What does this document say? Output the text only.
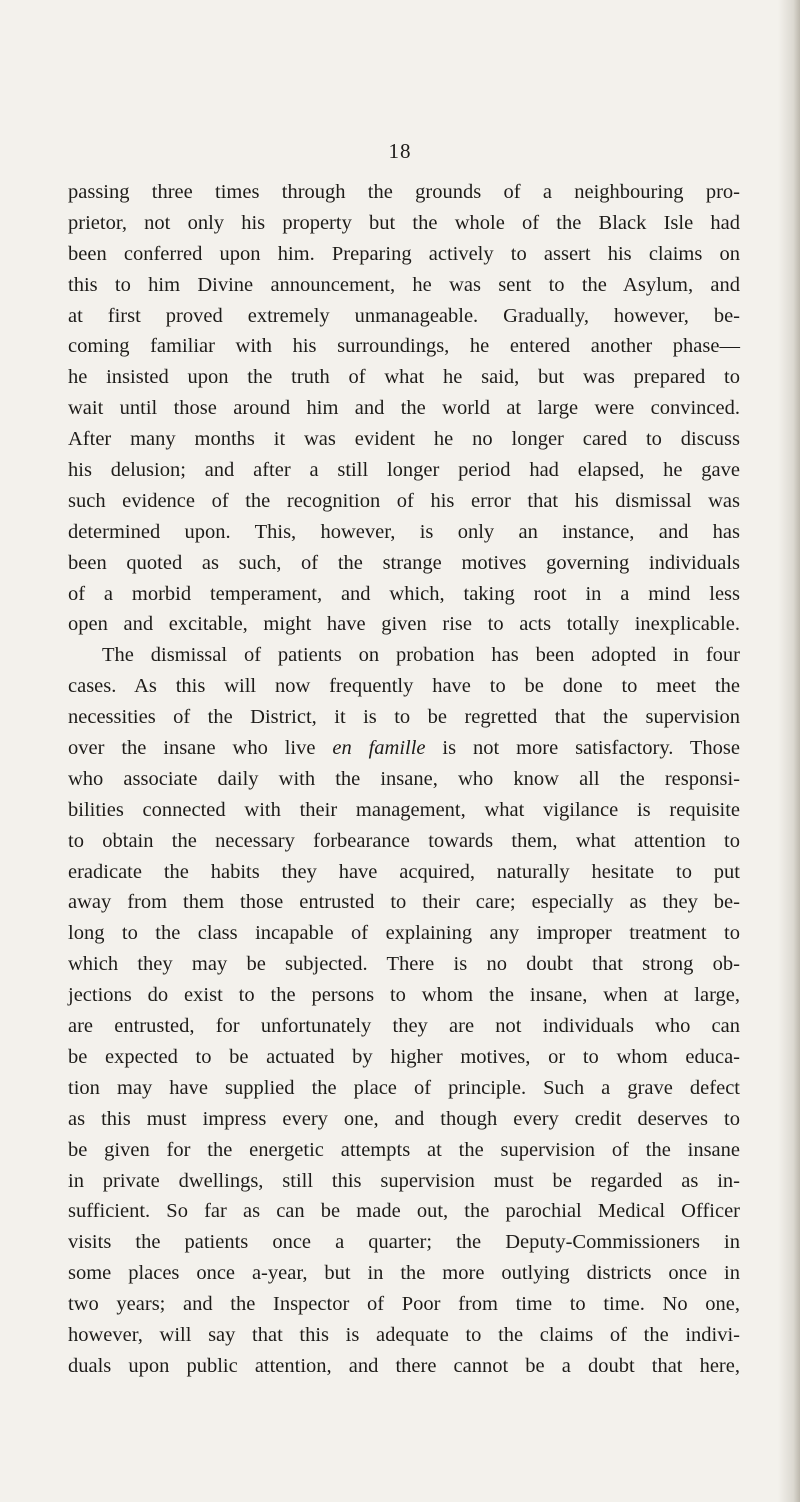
18
passing three times through the grounds of a neighbouring pro-
prietor, not only his property but the whole of the Black Isle had
been conferred upon him. Preparing actively to assert his claims on
this to him Divine announcement, he was sent to the Asylum, and
at first proved extremely unmanageable. Gradually, however, be-
coming familiar with his surroundings, he entered another phase—
he insisted upon the truth of what he said, but was prepared to
wait until those around him and the world at large were convinced.
After many months it was evident he no longer cared to discuss
his delusion; and after a still longer period had elapsed, he gave
such evidence of the recognition of his error that his dismissal was
determined upon. This, however, is only an instance, and has
been quoted as such, of the strange motives governing individuals
of a morbid temperament, and which, taking root in a mind less
open and excitable, might have given rise to acts totally inexplicable.
The dismissal of patients on probation has been adopted in four
cases. As this will now frequently have to be done to meet the
necessities of the District, it is to be regretted that the supervision
over the insane who live en famille is not more satisfactory. Those
who associate daily with the insane, who know all the responsi-
bilities connected with their management, what vigilance is requisite
to obtain the necessary forbearance towards them, what attention to
eradicate the habits they have acquired, naturally hesitate to put
away from them those entrusted to their care; especially as they be-
long to the class incapable of explaining any improper treatment to
which they may be subjected. There is no doubt that strong ob-
jections do exist to the persons to whom the insane, when at large,
are entrusted, for unfortunately they are not individuals who can
be expected to be actuated by higher motives, or to whom educa-
tion may have supplied the place of principle. Such a grave defect
as this must impress every one, and though every credit deserves to
be given for the energetic attempts at the supervision of the insane
in private dwellings, still this supervision must be regarded as in-
sufficient. So far as can be made out, the parochial Medical Officer
visits the patients once a quarter; the Deputy-Commissioners in
some places once a-year, but in the more outlying districts once in
two years; and the Inspector of Poor from time to time. No one,
however, will say that this is adequate to the claims of the indivi-
duals upon public attention, and there cannot be a doubt that here,
